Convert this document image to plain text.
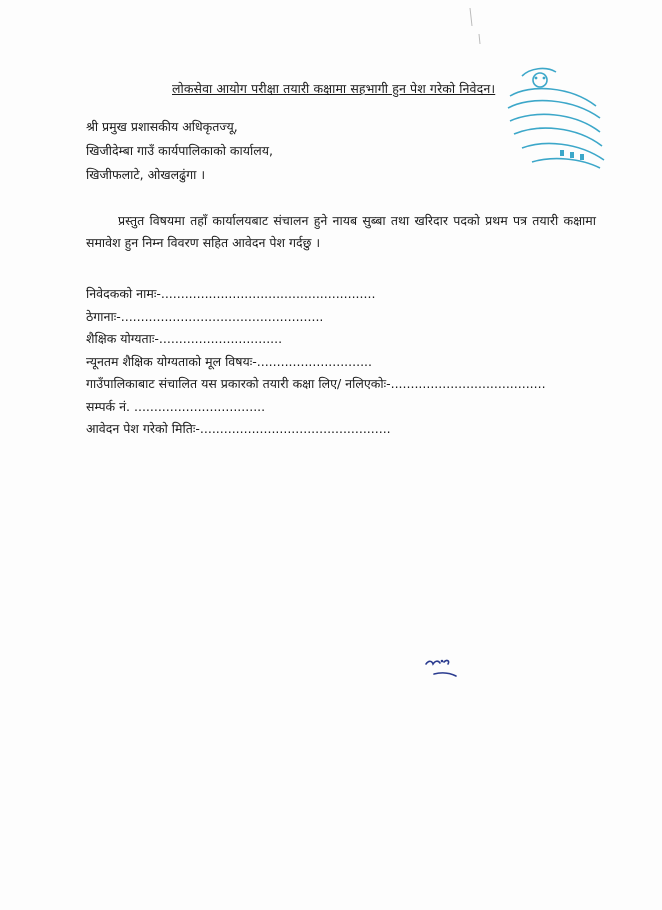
लोकसेवा आयोग परीक्षा तयारी कक्षामा सहभागी हुन पेश गरेको निवेदन।
श्री प्रमुख प्रशासकीय अधिकृतज्यू,
खिजीदेम्बा गाउँ कार्यपालिकाको कार्यालय,
खिजीफलाटे, ओखलढुंगा ।
प्रस्तुत विषयमा तहाँ कार्यालयबाट संचालन हुने नायब सुब्बा तथा खरिदार पदको प्रथम पत्र तयारी कक्षामा समावेश हुन निम्न विवरण सहित आवेदन पेश गर्दछु ।
निवेदकको नामः-......................................................
ठेगानाः-...................................................
शैक्षिक योग्यताः-...............................
न्यूनतम शैक्षिक योग्यताको मूल विषयः-.............................
गाउँपालिकाबाट संचालित यस प्रकारको तयारी कक्षा लिए/ नलिएकोः-.......................................
सम्पर्क नं. .................................
आवेदन पेश गरेको मितिः-................................................
